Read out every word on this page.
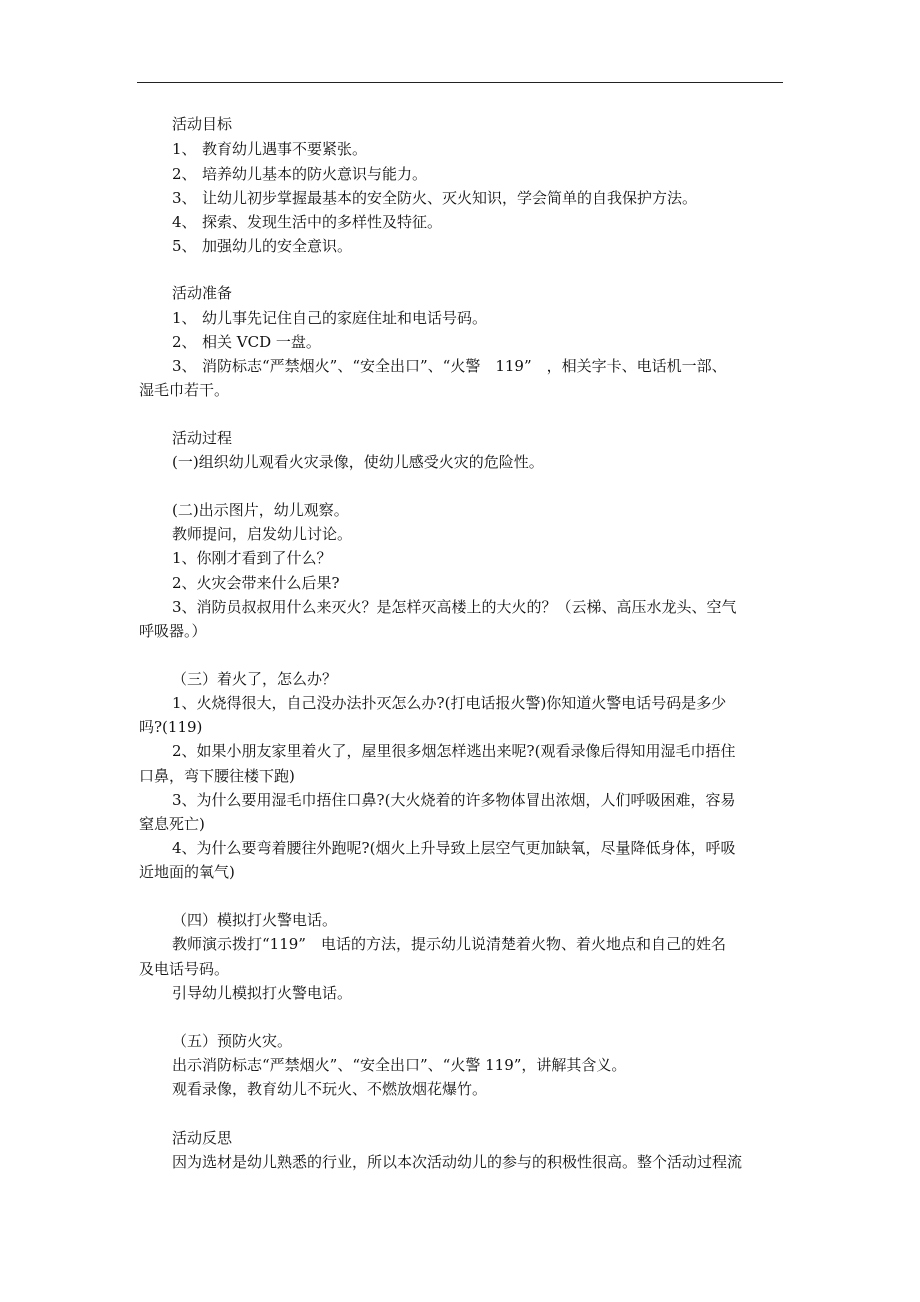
活动目标
1、 教育幼儿遇事不要紧张。
2、 培养幼儿基本的防火意识与能力。
3、 让幼儿初步掌握最基本的安全防火、灭火知识，学会简单的自我保护方法。
4、 探索、发现生活中的多样性及特征。
5、 加强幼儿的安全意识。
活动准备
1、 幼儿事先记住自己的家庭住址和电话号码。
2、 相关 VCD 一盘。
3、 消防标志“严禁烟火”、“安全出口”、“火警　119”　，相关字卡、电话机一部、
湿毛巾若干。
活动过程
(一)组织幼儿观看火灾录像，使幼儿感受火灾的危险性。
(二)出示图片，幼儿观察。
教师提问，启发幼儿讨论。
1、你刚才看到了什么？
2、火灾会带来什么后果?
3、消防员叔叔用什么来灭火？是怎样灭高楼上的大火的？（云梯、高压水龙头、空气
呼吸器。）
（三）着火了，怎么办？
1、火烧得很大，自己没办法扑灭怎么办?(打电话报火警)你知道火警电话号码是多少
吗?(119)
2、如果小朋友家里着火了，屋里很多烟怎样逃出来呢?(观看录像后得知用湿毛巾捂住
口鼻，弯下腰往楼下跑)
3、为什么要用湿毛巾捂住口鼻?(大火烧着的许多物体冒出浓烟，人们呼吸困难，容易
窒息死亡)
4、为什么要弯着腰往外跑呢?(烟火上升导致上层空气更加缺氧，尽量降低身体，呼吸
近地面的氧气)
（四）模拟打火警电话。
教师演示拨打“119”　电话的方法，提示幼儿说清楚着火物、着火地点和自己的姓名
及电话号码。
引导幼儿模拟打火警电话。
（五）预防火灾。
出示消防标志“严禁烟火”、“安全出口”、“火警 119”，讲解其含义。
观看录像，教育幼儿不玩火、不燃放烟花爆竹。
活动反思
因为选材是幼儿熟悉的行业，所以本次活动幼儿的参与的积极性很高。整个活动过程流
